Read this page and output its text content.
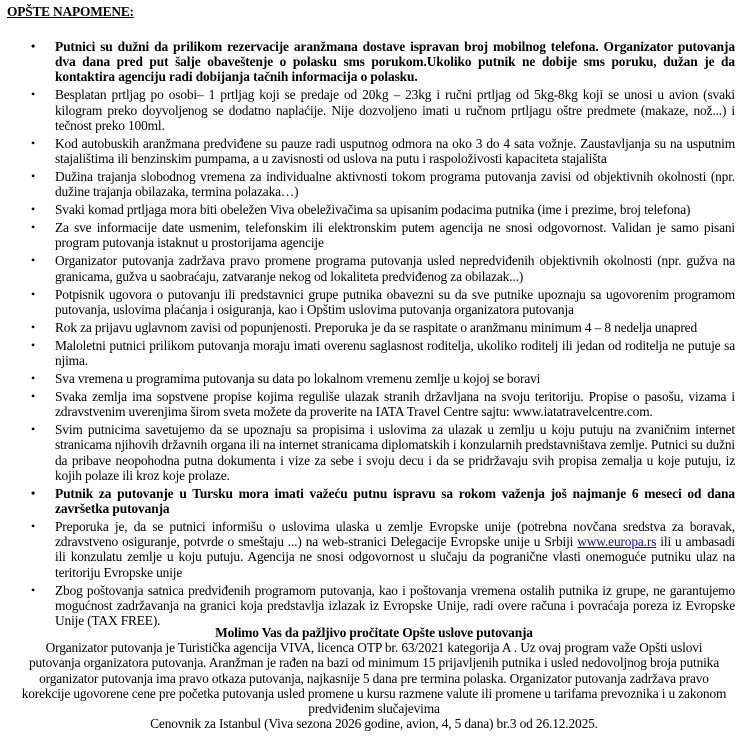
OPŠTE NAPOMENE:
• Putnici su dužni da prilikom rezervacije aranžmana dostave ispravan broj mobilnog telefona. Organizator putovanja dva dana pred put šalje obaveštenje o polasku sms porukom.Ukoliko putnik ne dobije sms poruku, dužan je da kontaktira agenciju radi dobijanja tačnih informacija o polasku.
• Besplatan prtljag po osobi– 1 prtljag koji se predaje od 20kg – 23kg i ručni prtljag od 5kg-8kg koji se unosi u avion (svaki kilogram preko doyvoljenog se dodatno naplaćije. Nije dozvoljeno imati u ručnom prtljagu oštre predmete (makaze, nož...) i tečnost preko 100ml.
• Kod autobuskih aranžmana predviđene su pauze radi usputnog odmora na oko 3 do 4 sata vožnje. Zaustavljanja su na usputnim stajalištima ili benzinskim pumpama, a u zavisnosti od uslova na putu i raspoloživosti kapaciteta stajališta
• Dužina trajanja slobodnog vremena za individualne aktivnosti tokom programa putovanja zavisi od objektivnih okolnosti (npr. dužine trajanja obilazaka, termina polazaka…)
• Svaki komad prtljaga mora biti obeležen Viva obeleživačima sa upisanim podacima putnika (ime i prezime, broj telefona)
• Za sve informacije date usmenim, telefonskim ili elektronskim putem agencija ne snosi odgovornost. Validan je samo pisani program putovanja istaknut u prostorijama agencije
• Organizator putovanja zadržava pravo promene programa putovanja usled nepredviđenih objektivnih okolnosti (npr. gužva na granicama, gužva u saobraćaju, zatvaranje nekog od lokaliteta predviđenog za obilazak...)
• Potpisnik ugovora o putovanju ili predstavnici grupe putnika obavezni su da sve putnike upoznaju sa ugovorenim programom putovanja, uslovima plaćanja i osiguranja, kao i Opštim uslovima putovanja organizatora putovanja
• Rok za prijavu uglavnom zavisi od popunjenosti. Preporuka je da se raspitate o aranžmanu minimum 4 – 8 nedelja unapred
• Maloletni putnici prilikom putovanja moraju imati overenu saglasnost roditelja, ukoliko roditelj ili jedan od roditelja ne putuje sa njima.
• Sva vremena u programima putovanja su data po lokalnom vremenu zemlje u kojoj se boravi
• Svaka zemlja ima sopstvene propise kojima reguliše ulazak stranih državljana na svoju teritoriju. Propise o pasošu, vizama i zdravstvenim uverenjima širom sveta možete da proverite na IATA Travel Centre sajtu: www.iatatravelcentre.com.
• Svim putnicima savetujemo da se upoznaju sa propisima i uslovima za ulazak u zemlju u koju putuju na zvaničnim internet stranicama njihovih državnih organa ili na internet stranicama diplomatskih i konzularnih predstavništava zemlje. Putnici su dužni da pribave neopohodna putna dokumenta i vize za sebe i svoju decu i da se pridržavaju svih propisa zemalja u koje putuju, iz kojih polaze ili kroz koje prolaze.
• Putnik za putovanje u Tursku mora imati važeću putnu ispravu sa rokom važenja još najmanje 6 meseci od dana završetka putovanja
• Preporuka je, da se putnici informišu o uslovima ulaska u zemlje Evropske unije (potrebna novčana sredstva za boravak, zdravstveno osiguranje, potvrde o smeštaju ...) na web-stranici Delegacije Evropske unije u Srbiji www.europa.rs ili u ambasadi ili konzulatu zemlje u koju putuju. Agencija ne snosi odgovornost u slučaju da pogranične vlasti onemoguće putniku ulaz na teritoriju Evropske unije
• Zbog poštovanja satnica predviđenih programom putovanja, kao i poštovanja vremena ostalih putnika iz grupe, ne garantujemo mogućnost zadržavanja na granici koja predstavlja izlazak iz Evropske Unije, radi overe računa i povraćaja poreza iz Evropske Unije (TAX FREE).
Molimo Vas da pažljivo pročitate Opšte uslove putovanja
Organizator putovanja je Turistička agencija VIVA, licenca OTP br. 63/2021 kategorija A . Uz ovaj program važe Opšti uslovi putovanja organizatora putovanja. Aranžman je rađen na bazi od minimum 15 prijavljenih putnika i usled nedovoljnog broja putnika organizator putovanja ima pravo otkaza putovanja, najkasnije 5 dana pre termina polaska. Organizator putovanja zadržava pravo korekcije ugovorene cene pre početka putovanja usled promene u kursu razmene valute ili promene u tarifama prevoznika i u zakonom predviđenim slučajevima
Cenovnik za Istanbul (Viva sezona 2026 godine, avion, 4, 5 dana) br.3 od 26.12.2025.
